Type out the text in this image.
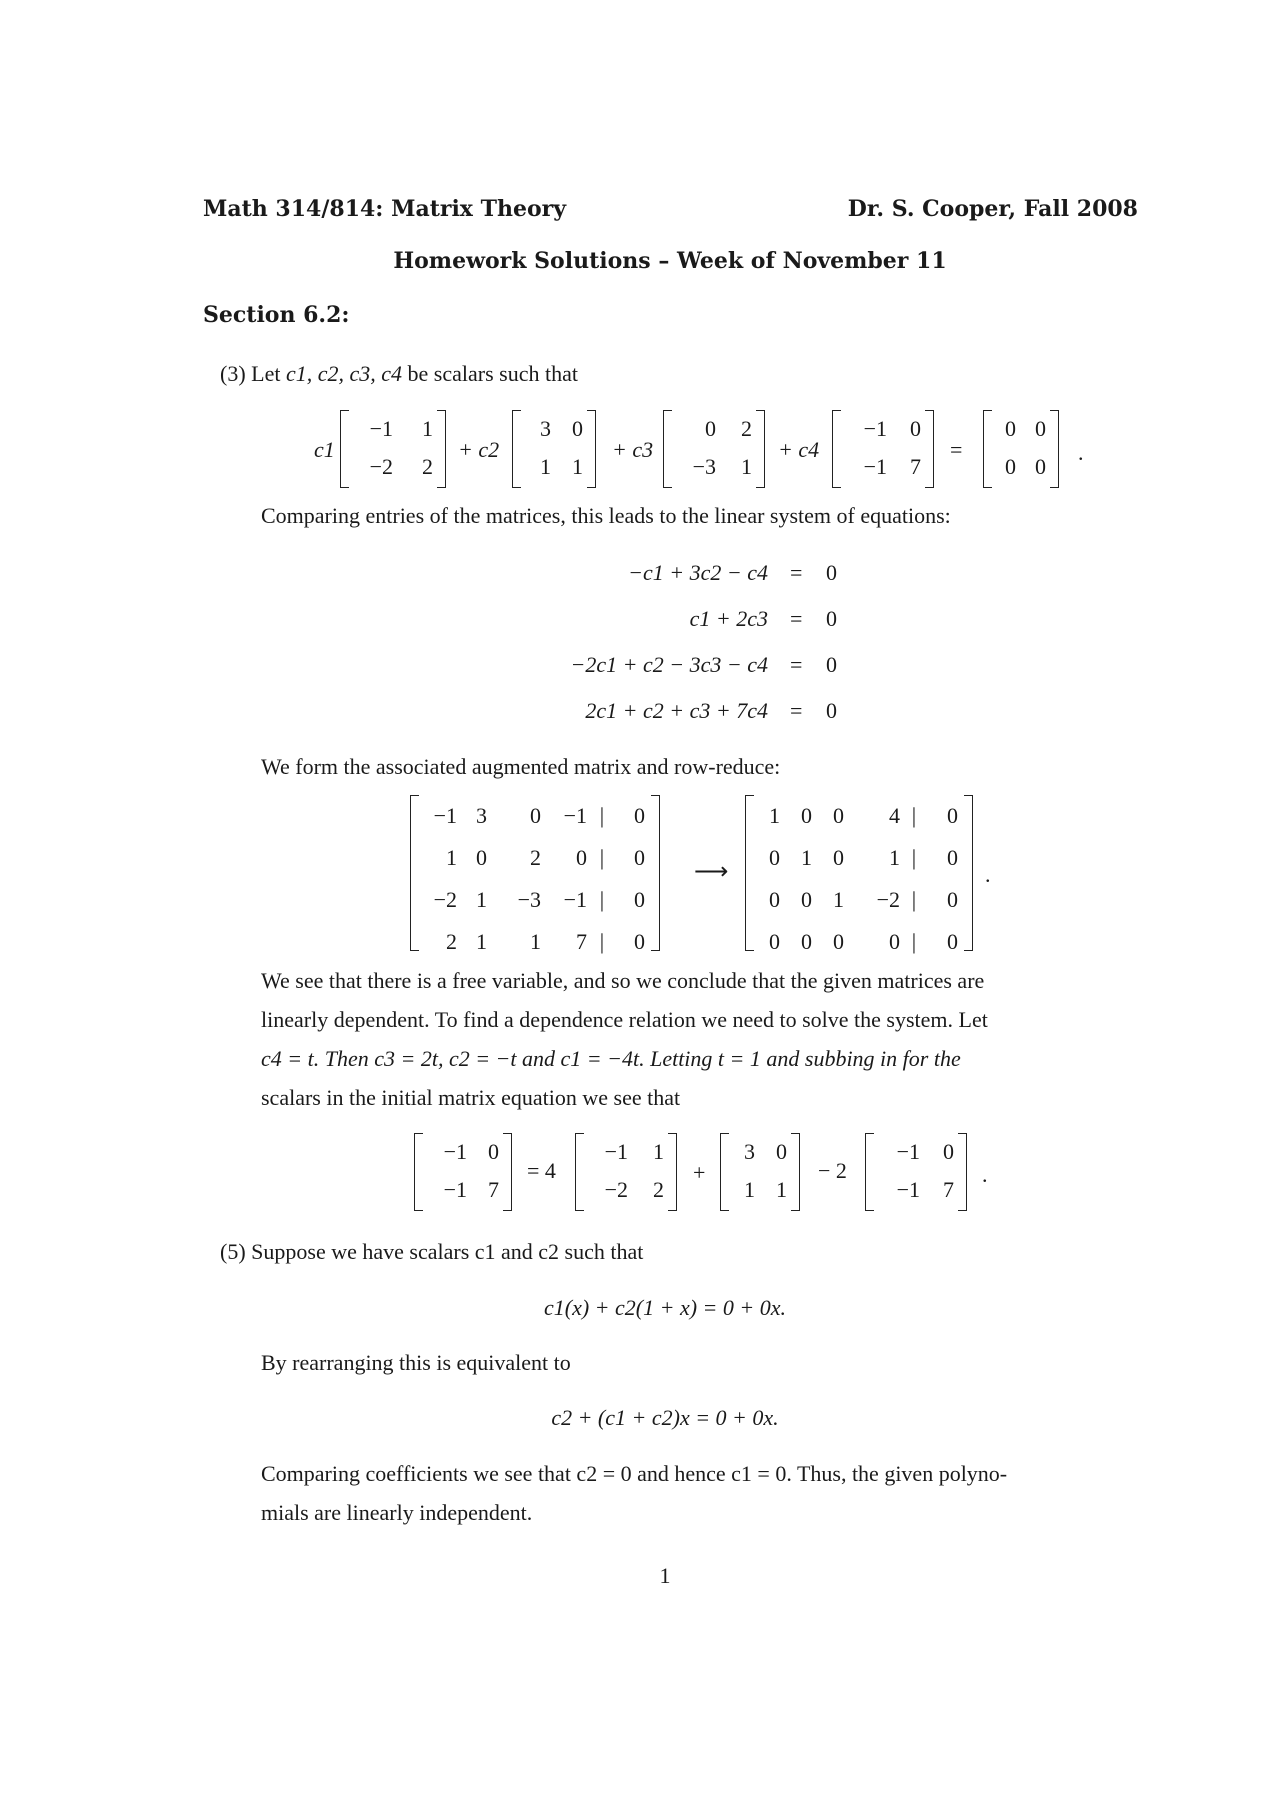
Math 314/814: Matrix Theory	Dr. S. Cooper, Fall 2008
Homework Solutions – Week of November 11
Section 6.2:
(3) Let c1, c2, c3, c4 be scalars such that
c1
−1	1
−2	2
+ c2
3 0
1 1
+ c3
0	2
−3	1
+ c4
−1	0
−1	7
=
0 0
0 0
.
Comparing entries of the matrices, this leads to the linear system of equations:
−c1 + 3c2 − c4 = 0
c1 + 2c3 = 0
−2c1 + c2 − 3c3 − c4 = 0
2c1 + c2 + c3 + 7c4 = 0
We form the associated augmented matrix and row-reduce:
−1 3	0	−1 |	0
1 0	2	0 |	0
−2 1	−3	−1 |	0
2 1	1	7 |	0
⟶
1 0 0	4 |	0
0 1 0	1 |	0
0 0 1	−2 |	0
0 0 0	0 |	0
.
We see that there is a free variable, and so we conclude that the given matrices are
linearly dependent. To find a dependence relation we need to solve the system. Let
c4 = t. Then c3 = 2t, c2 = −t and c1 = −4t. Letting t = 1 and subbing in for the
scalars in the initial matrix equation we see that
−1 0
−1 7
= 4
−1	1
−2	2
+
3 0
1 1
− 2
−1	0
−1	7
.
(5) Suppose we have scalars c1 and c2 such that
c1(x) + c2(1 + x) = 0 + 0x.
By rearranging this is equivalent to
c2 + (c1 + c2)x = 0 + 0x.
Comparing coefficients we see that c2 = 0 and hence c1 = 0. Thus, the given polyno-
mials are linearly independent.
1
